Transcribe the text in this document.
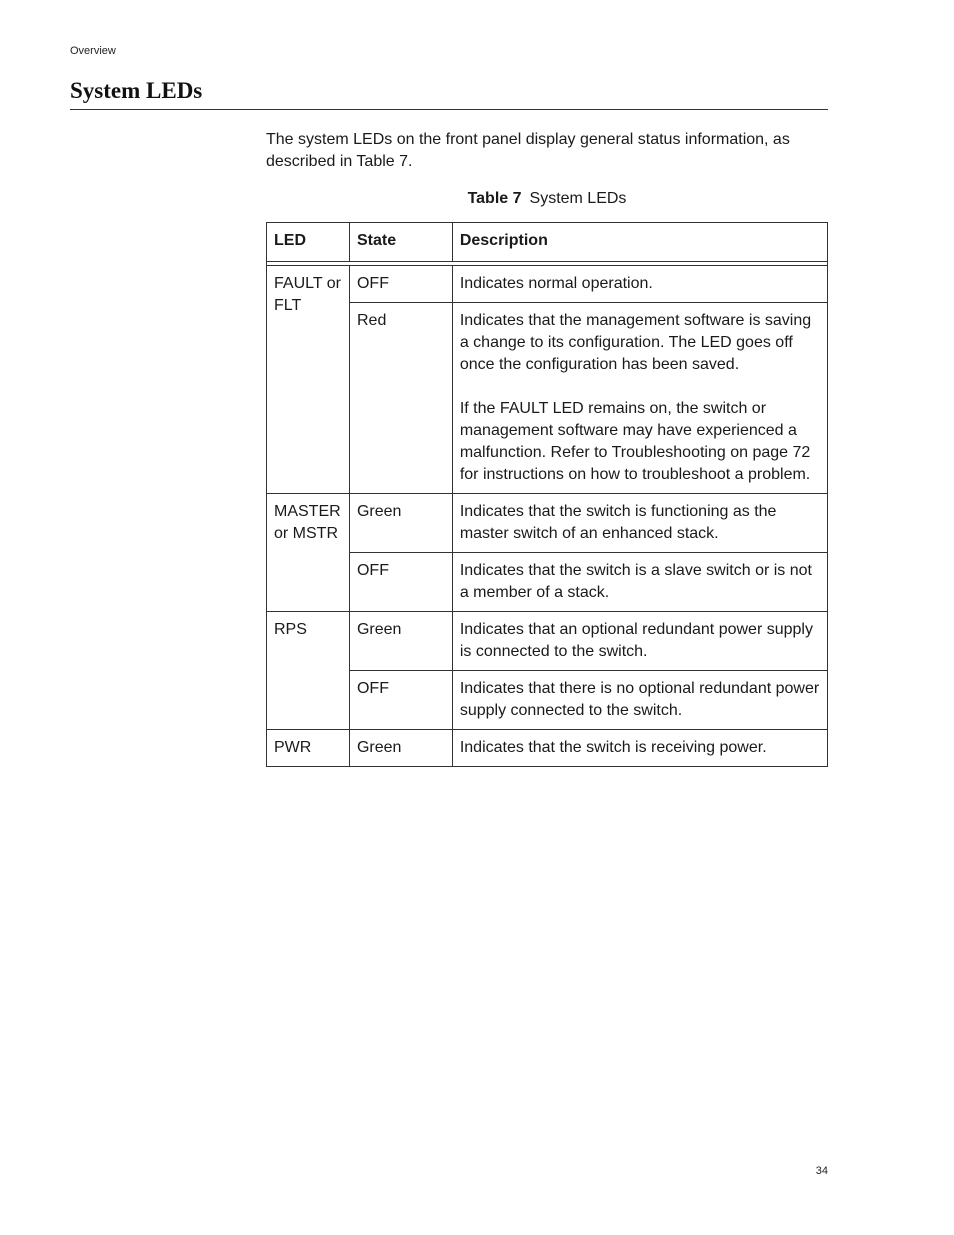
Overview
System LEDs

The system LEDs on the front panel display general status information, as described in Table 7.

Table 7 System LEDs
LED	State	Description

FAULT or FLT	OFF	Indicates normal operation.

	Red	Indicates that the management software is saving a change to its configuration. The LED goes off once the configuration has been saved.

If the FAULT LED remains on, the switch or management software may have experienced a malfunction. Refer to Troubleshooting on page 72 for instructions on how to troubleshoot a problem.

MASTER or MSTR	Green	Indicates that the switch is functioning as the master switch of an enhanced stack.

	OFF	Indicates that the switch is a slave switch or is not a member of a stack.

RPS	Green	Indicates that an optional redundant power supply is connected to the switch.

	OFF	Indicates that there is no optional redundant power supply connected to the switch.

PWR	Green	Indicates that the switch is receiving power.

34
